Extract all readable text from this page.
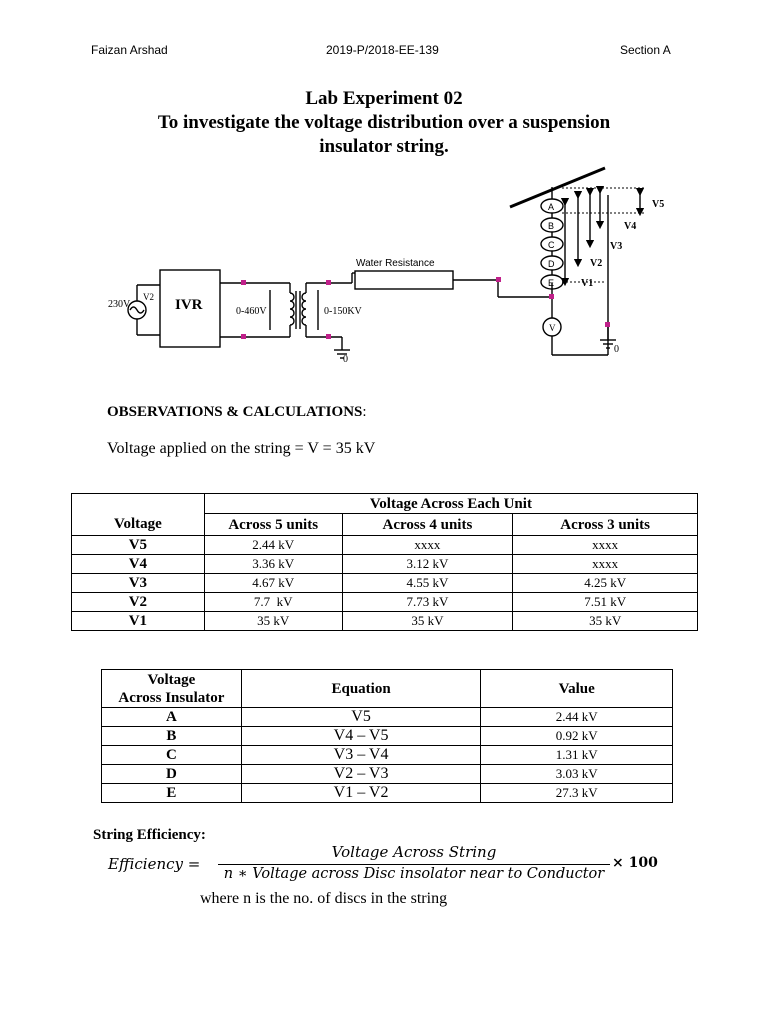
Faizan Arshad	2019-P/2018-EE-139	Section A
Lab Experiment 02
To investigate the voltage distribution over a suspension
insulator string.
230V
V2 IVR	0-460V	0-150KV
Water Resistance
0
0
V
A
B
C
D
E
V5
V4
V3
V2
V1
OBSERVATIONS & CALCULATIONS:
Voltage applied on the string = V = 35 kV
Voltage	Voltage Across Each Unit		
	Across 5 units	Across 4 units	Across 3 units
V5	2.44 kV	xxxx	xxxx
V4	3.36 kV	3.12 kV	xxxx
V3	4.67 kV	4.55 kV	4.25 kV
V2	7.7  kV	7.73 kV	7.51 kV
V1	35 kV	35 kV	35 kV
Voltage
Across Insulator	Equation	Value
A	V5	2.44 kV
B	V4 – V5	0.92 kV
C	V3 – V4	1.31 kV
D	V2 – V3	3.03 kV
E	V1 – V2	27.3 kV
String Efficiency:
Efficiency =
Voltage Across String
n ∗ Voltage across Disc insolator near to Conductor
× 100
where n is the no. of discs in the string
